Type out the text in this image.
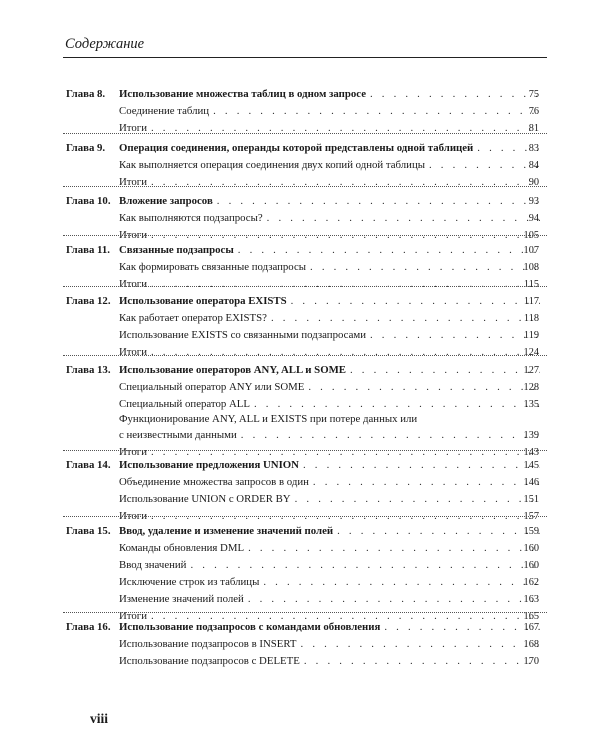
Содержание
Глава 8. Использование множества таблиц в одном запросе . . .	75
Соединение таблиц . . .	76
Итоги . . .	81
Глава 9. Операция соединения, операнды которой представлены одной таблицей . . .	83
Как выполняется операция соединения двух копий одной таблицы . . .	84
Итоги . . .	90
Глава 10. Вложение запросов . . .	93
Как выполняются подзапросы? . . .	94
Итоги . . .	105
Глава 11. Связанные подзапросы . . .	107
Как формировать связанные подзапросы . . .	108
Итоги . . .	115
Глава 12. Использование оператора EXISTS . . .	117
Как работает оператор EXISTS? . . .	118
Использование EXISTS со связанными подзапросами . . .	119
Итоги . . .	124
Глава 13. Использование операторов ANY, ALL и SOME . . .	127
Специальный оператор ANY или SOME . . .	128
Специальный оператор ALL . . .	135
Функционирование ANY, ALL и EXISTS при потере данных или
с неизвестными данными . . .	139
Итоги . . .	143
Глава 14. Использование предложения UNION . . .	145
Объединение множества запросов в один . . .	146
Использование UNION с ORDER BY . . .	151
Итоги . . .	157
Глава 15. Ввод, удаление и изменение значений полей . . .	159
Команды обновления DML . . .	160
Ввод значений . . .	160
Исключение строк из таблицы . . .	162
Изменение значений полей . . .	163
Итоги . . .	165
Глава 16. Использование подзапросов с командами обновления . . .	167
Использование подзапросов в INSERT . . .	168
Использование подзапросов с DELETE . . .	170
viii
